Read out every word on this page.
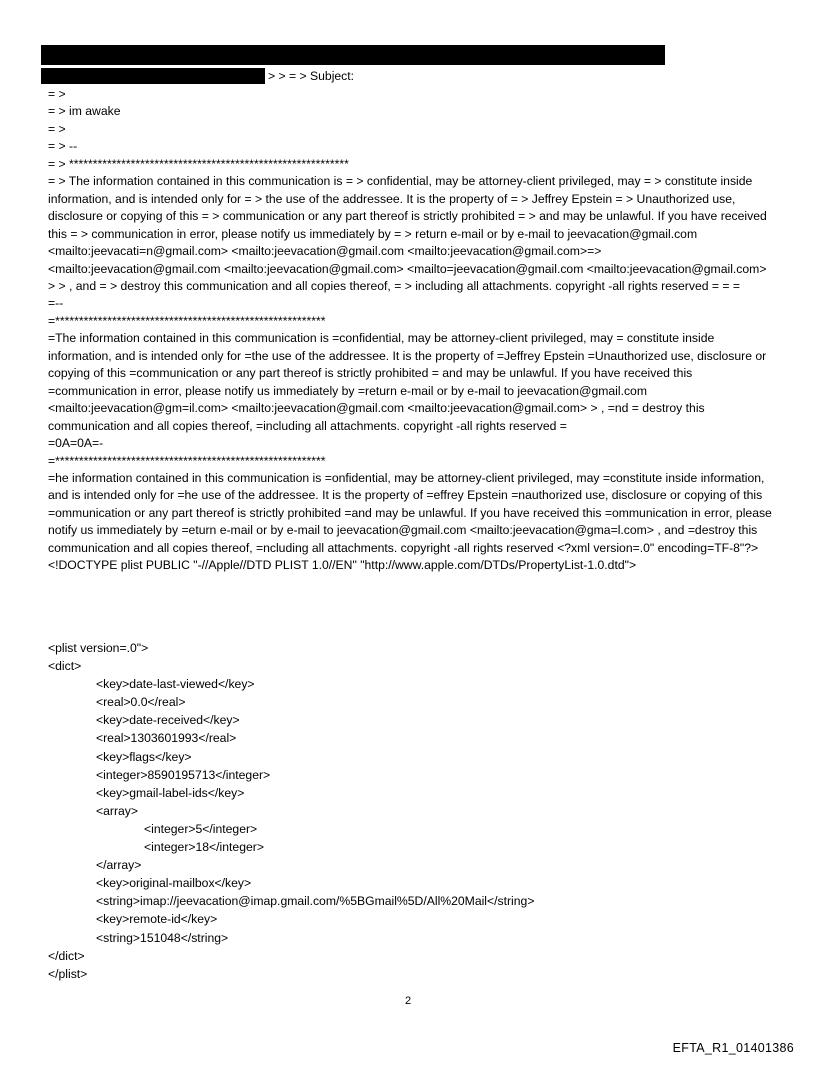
> > = > Subject:
= >
= > im awake
= >
= > --
= > ***********************************************************
= > The information contained in this communication is = > confidential, may be attorney-client privileged, may = > constitute inside information, and is intended only for = > the use of the addressee. It is the property of = > Jeffrey Epstein = > Unauthorized use, disclosure or copying of this = > communication or any part thereof is strictly prohibited = > and may be unlawful. If you have received this = > communication in error, please notify us immediately by = > return e-mail or by e-mail to jeevacation@gmail.com <mailto:jeevacati=n@gmail.com> <mailto:jeevacation@gmail.com <mailto:jeevacation@gmail.com>=> <mailto:jeevacation@gmail.com <mailto:jeevacation@gmail.com> <mailto=jeevacation@gmail.com <mailto:jeevacation@gmail.com> > > , and = > destroy this communication and all copies thereof, = > including all attachments. copyright -all rights reserved = = =
=--
=*********************************************************
=The information contained in this communication is =confidential, may be attorney-client privileged, may = constitute inside information, and is intended only for =the use of the addressee. It is the property of =Jeffrey Epstein =Unauthorized use, disclosure or copying of this =communication or any part thereof is strictly prohibited = and may be unlawful. If you have received this =communication in error, please notify us immediately by =return e-mail or by e-mail to jeevacation@gmail.com <mailto:jeevacation@gm=il.com> <mailto:jeevacation@gmail.com <mailto:jeevacation@gmail.com> > , =nd = destroy this communication and all copies thereof, =including all attachments. copyright -all rights reserved =
=0A=0A=-
=*********************************************************
=he information contained in this communication is =onfidential, may be attorney-client privileged, may =constitute inside information, and is intended only for =he use of the addressee. It is the property of =effrey Epstein =nauthorized use, disclosure or copying of this =ommunication or any part thereof is strictly prohibited =and may be unlawful. If you have received this =ommunication in error, please notify us immediately by =eturn e-mail or by e-mail to jeevacation@gmail.com <mailto:jeevacation@gma=l.com> , and =destroy this communication and all copies thereof, =ncluding all attachments. copyright -all rights reserved <?xml version=.0" encoding=TF-8"?> <!DOCTYPE plist PUBLIC "-//Apple//DTD PLIST 1.0//EN" "http://www.apple.com/DTDs/PropertyList-1.0.dtd">
<plist version=.0">
<dict>
<key>date-last-viewed</key>
<real>0.0</real>
<key>date-received</key>
<real>1303601993</real>
<key>flags</key>
<integer>8590195713</integer>
<key>gmail-label-ids</key>
<array>
<integer>5</integer>
<integer>18</integer>
</array>
<key>original-mailbox</key>
<string>imap://jeevacation@imap.gmail.com/%5BGmail%5D/All%20Mail</string>
<key>remote-id</key>
<string>151048</string>
</dict>
</plist>
2
EFTA_R1_01401386
